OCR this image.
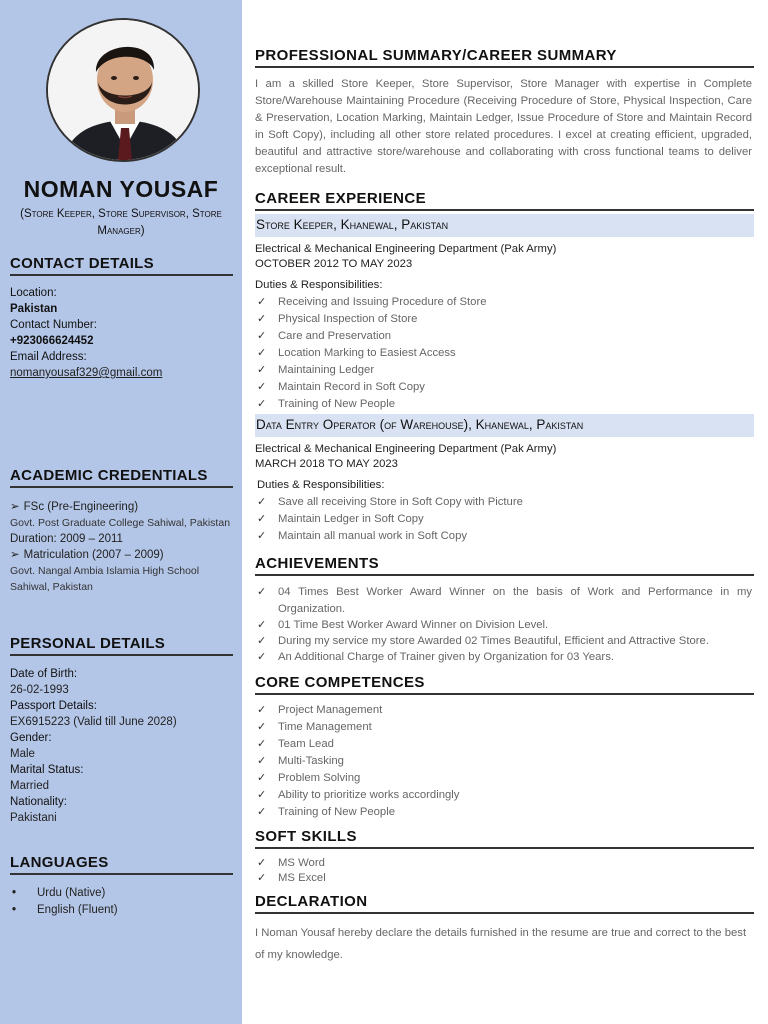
NOMAN YOUSAF
(Store Keeper, Store Supervisor, Store Manager)
CONTACT DETAILS
Location:
Pakistan
Contact Number:
+923066624452
Email Address:
nomanyousaf329@gmail.com
ACADEMIC CREDENTIALS
➢ FSc (Pre-Engineering)
Govt. Post Graduate College Sahiwal, Pakistan
Duration: 2009 – 2011
➢ Matriculation (2007 – 2009)
Govt. Nangal Ambia Islamia High School Sahiwal, Pakistan
PERSONAL DETAILS
Date of Birth:
26-02-1993
Passport Details:
EX6915223 (Valid till June 2028)
Gender:
Male
Marital Status:
Married
Nationality:
Pakistani
LANGUAGES
• Urdu (Native)
• English (Fluent)
PROFESSIONAL SUMMARY/CAREER SUMMARY
I am a skilled Store Keeper, Store Supervisor, Store Manager with expertise in Complete Store/Warehouse Maintaining Procedure (Receiving Procedure of Store, Physical Inspection, Care & Preservation, Location Marking, Maintain Ledger, Issue Procedure of Store and Maintain Record in Soft Copy), including all other store related procedures. I excel at creating efficient, upgraded, beautiful and attractive store/warehouse and collaborating with cross functional teams to deliver exceptional result.
CAREER EXPERIENCE
Store Keeper, Khanewal, Pakistan
Electrical & Mechanical Engineering Department (Pak Army)
OCTOBER 2012 TO MAY 2023
Duties & Responsibilities:
✓ Receiving and Issuing Procedure of Store
✓ Physical Inspection of Store
✓ Care and Preservation
✓ Location Marking to Easiest Access
✓ Maintaining Ledger
✓ Maintain Record in Soft Copy
✓ Training of New People
Data Entry Operator (of Warehouse), Khanewal, Pakistan
Electrical & Mechanical Engineering Department (Pak Army)
MARCH 2018 TO MAY 2023
Duties & Responsibilities:
✓ Save all receiving Store in Soft Copy with Picture
✓ Maintain Ledger in Soft Copy
✓ Maintain all manual work in Soft Copy
ACHIEVEMENTS
✓ 04 Times Best Worker Award Winner on the basis of Work and Performance in my Organization.
✓ 01 Time Best Worker Award Winner on Division Level.
✓ During my service my store Awarded 02 Times Beautiful, Efficient and Attractive Store.
✓ An Additional Charge of Trainer given by Organization for 03 Years.
CORE COMPETENCES
✓ Project Management
✓ Time Management
✓ Team Lead
✓ Multi-Tasking
✓ Problem Solving
✓ Ability to prioritize works accordingly
✓ Training of New People
SOFT SKILLS
✓ MS Word
✓ MS Excel
DECLARATION
I Noman Yousaf hereby declare the details furnished in the resume are true and correct to the best of my knowledge.
